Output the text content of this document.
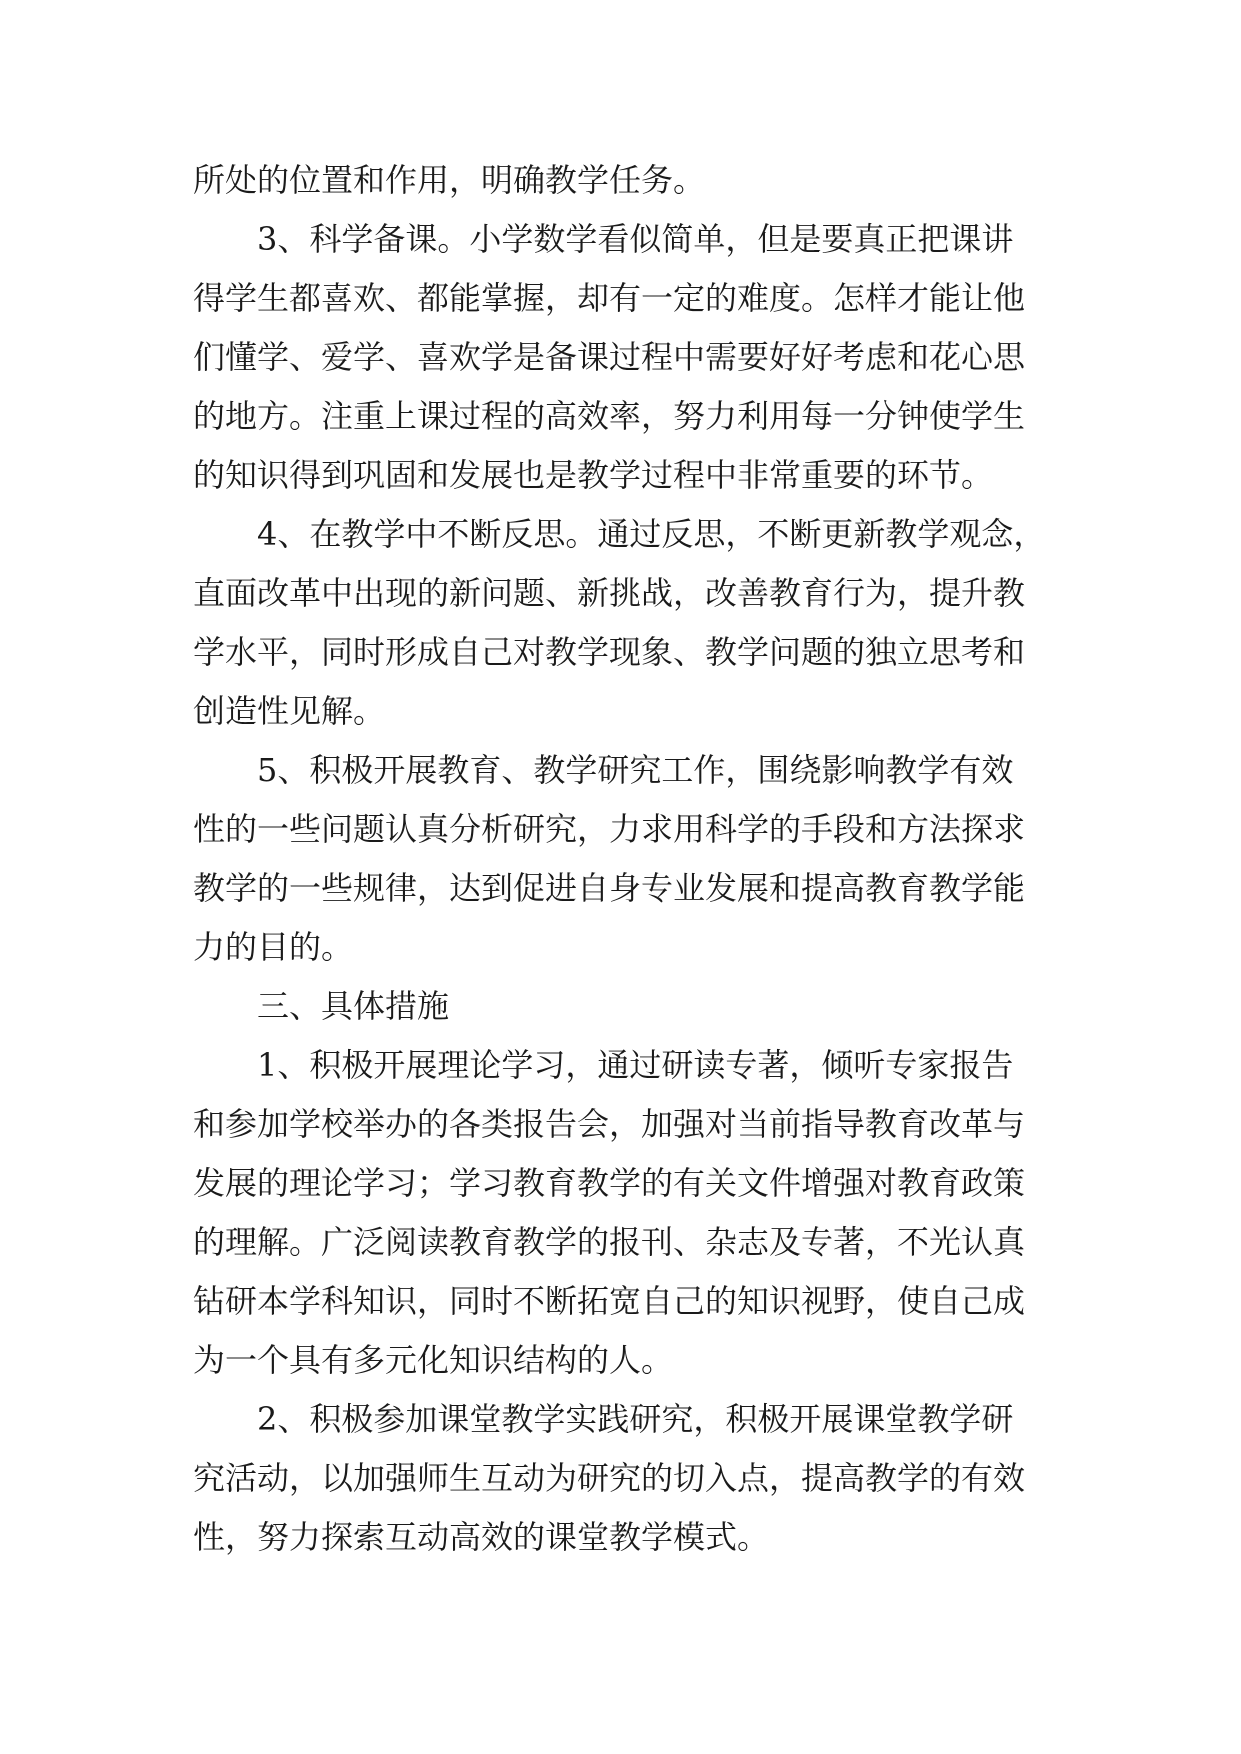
所处的位置和作用，明确教学任务。
3、科学备课。小学数学看似简单，但是要真正把课讲
得学生都喜欢、都能掌握，却有一定的难度。怎样才能让他
们懂学、爱学、喜欢学是备课过程中需要好好考虑和花心思
的地方。注重上课过程的高效率，努力利用每一分钟使学生
的知识得到巩固和发展也是教学过程中非常重要的环节。
4、在教学中不断反思。通过反思，不断更新教学观念，
直面改革中出现的新问题、新挑战，改善教育行为，提升教
学水平，同时形成自己对教学现象、教学问题的独立思考和
创造性见解。
5、积极开展教育、教学研究工作，围绕影响教学有效
性的一些问题认真分析研究，力求用科学的手段和方法探求
教学的一些规律，达到促进自身专业发展和提高教育教学能
力的目的。
三、具体措施
1、积极开展理论学习，通过研读专著，倾听专家报告
和参加学校举办的各类报告会，加强对当前指导教育改革与
发展的理论学习；学习教育教学的有关文件增强对教育政策
的理解。广泛阅读教育教学的报刊、杂志及专著，不光认真
钻研本学科知识，同时不断拓宽自己的知识视野，使自己成
为一个具有多元化知识结构的人。
2、积极参加课堂教学实践研究，积极开展课堂教学研
究活动，以加强师生互动为研究的切入点，提高教学的有效
性，努力探索互动高效的课堂教学模式。
